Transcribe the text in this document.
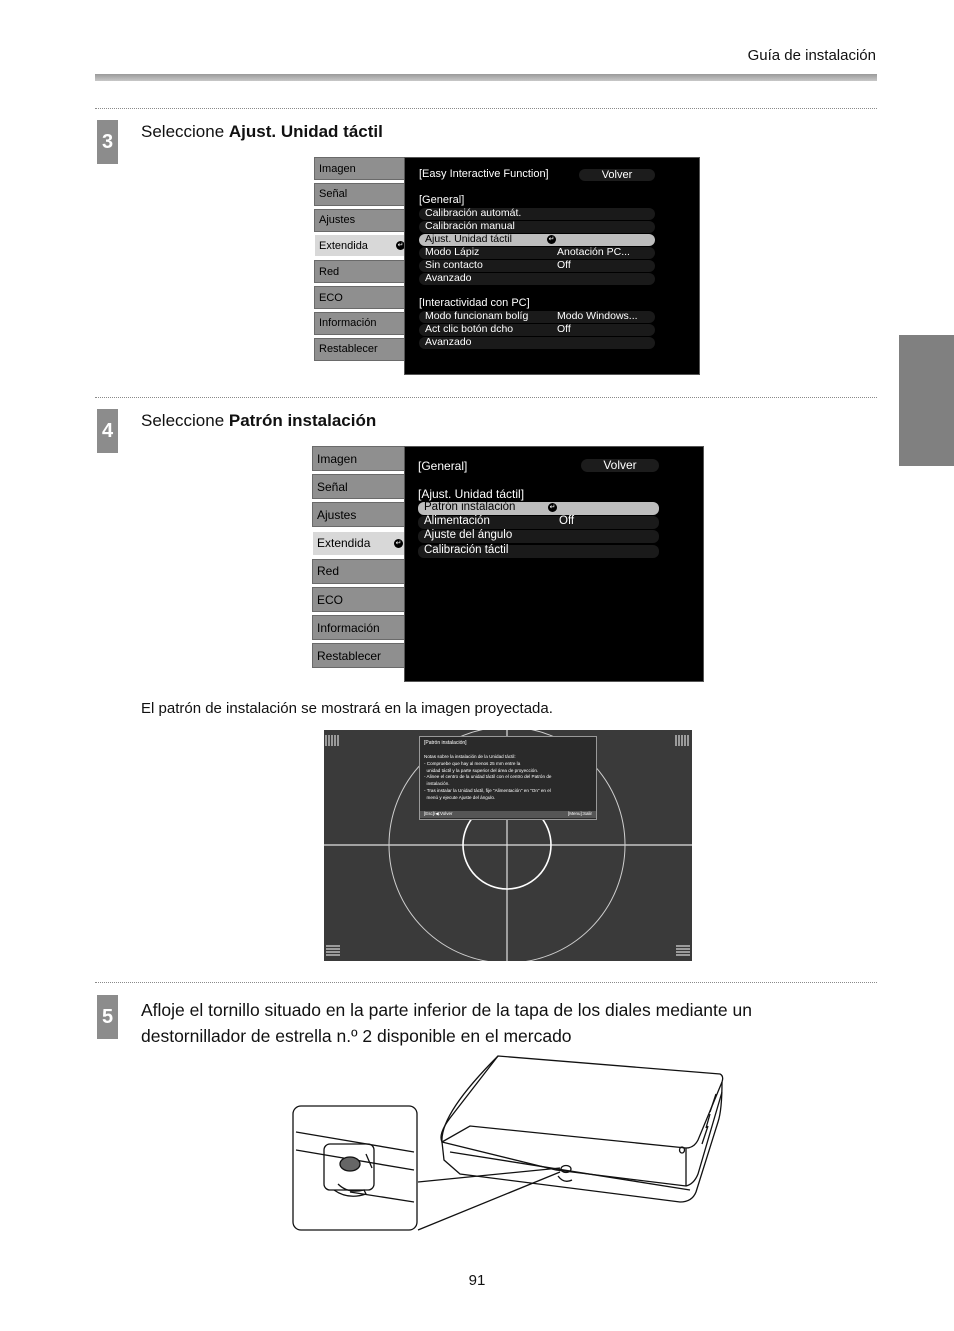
Guía de instalación
3 Seleccione Ajust. Unidad táctil
Imagen
Señal
Ajustes
Extendida	↵
Red
ECO
Información
Restablecer
[Easy Interactive Function]	Volver
[General]
Calibración automát.
Calibración manual
Ajust. Unidad táctil	↵
Modo Lápiz	Anotación PC...
Sin contacto	Off
Avanzado
[Interactividad con PC]
Modo funcionam bolíg	Modo Windows...
Act clic botón dcho	Off
Avanzado
4 Seleccione Patrón instalación
Imagen
Señal
Ajustes
Extendida	↵
Red
ECO
Información
Restablecer
[General]	Volver
[Ajust. Unidad táctil]
Patrón instalación	↵
Alimentación	Off
Ajuste del ángulo
Calibración táctil
El patrón de instalación se mostrará en la imagen proyectada.
[Patrón instalación]
Notas sobre la instalación de la Unidad táctil:
- Compruebe que hay al menos 25 mm entre la
unidad táctil y la parte superior del área de proyección.
- Alinee el centro de la unidad táctil con el centro del Patrón de
instalación.
- Tras instalar la Unidad táctil, fije "Alimentación" en "On" en el
menú y ejecute Ajuste del ángulo.
[Esc]/◀:Volver	[Menu]:Salir
5 Afloje el tornillo situado en la parte inferior de la tapa de los diales mediante un
destornillador de estrella n.º 2 disponible en el mercado
91
